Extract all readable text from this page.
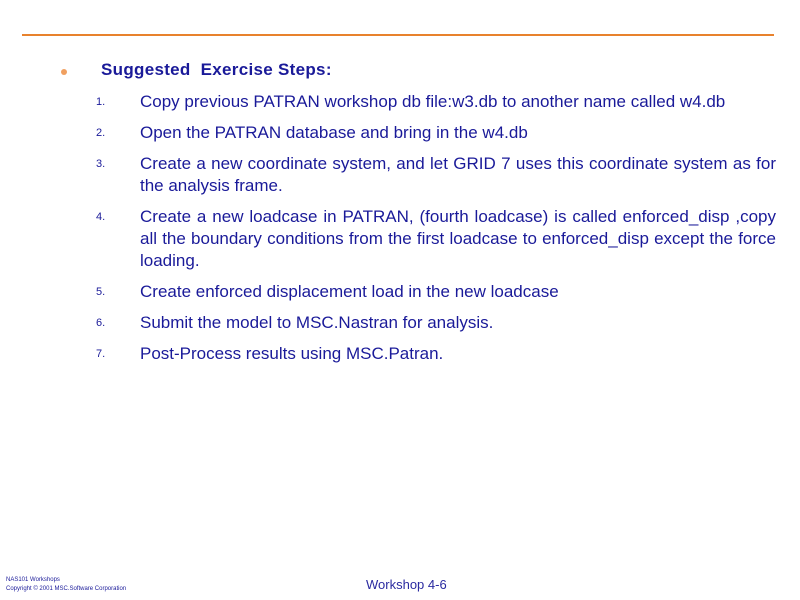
Suggested  Exercise Steps:
1. Copy previous PATRAN workshop db file:w3.db to another name called w4.db
2. Open the PATRAN database and bring in the w4.db
3. Create a new coordinate system, and let GRID 7 uses this coordinate system as for the analysis frame.
4. Create a new loadcase in PATRAN, (fourth loadcase) is called enforced_disp ,copy all the boundary conditions from the first loadcase to enforced_disp except the force loading.
5. Create enforced displacement load in the new loadcase
6. Submit the model to MSC.Nastran for analysis.
7. Post-Process results using MSC.Patran.
NAS101 Workshops
Copyright © 2001 MSC.Software Corporation	Workshop 4-6
